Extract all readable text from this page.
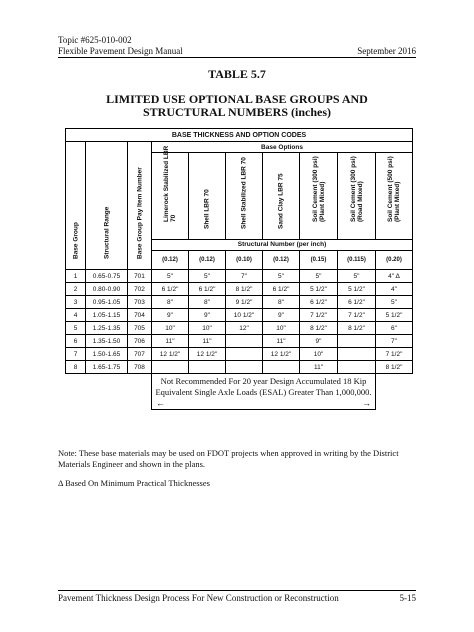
Topic #625-010-002
Flexible Pavement Design Manual	September 2016
TABLE 5.7
LIMITED USE OPTIONAL BASE GROUPS AND
STRUCTURAL NUMBERS (inches)
BASE THICKNESS AND OPTION CODES									

Base Group	Structural Range	Base Group Pay Item Number	Base Options						

			Limerock Stabilized LBR 70	Shell LBR 70	Shell Stabilized LBR 70	Sand Clay LBR 75	Soil Cement (300 psi)(Plant Mixed)	Soil Cement (300 psi)(Road Mixed)	Soil Cement (500 psi)(Plant Mixed)

			Structural Number (per inch)						
			(0.12)	(0.12)	(0.10)	(0.12)	(0.15)	(0.115)	(0.20)
1	0.65-0.75	701	5"	5"	7"	5"	5"	5"	4" Δ
2	0.80-0.90	702	6 1/2"	6 1/2"	8 1/2"	6 1/2"	5 1/2"	5 1/2"	4"
3	0.95-1.05	703	8"	8"	9 1/2"	8"	6 1/2"	6 1/2"	5"
4	1.05-1.15	704	9"	9"	10 1/2"	9"	7 1/2"	7 1/2"	5 1/2"
5	1.25-1.35	705	10"	10"	12"	10"	8 1/2"	8 1/2"	6"
6	1.35-1.50	706	11"	11"		11"	9"		7"
7	1.50-1.65	707	12 1/2"	12 1/2"		12 1/2"	10"		7 1/2"
8	1.65-1.75	708					11"		8 1/2"

			Not Recommended For 20 year Design Accumulated 18 Kip Equivalent Single Axle Loads (ESAL) Greater Than 1,000,000.
← →						

Note: These base materials may be used on FDOT projects when approved in writing by the District Materials Engineer and shown in the plans.
Δ Based On Minimum Practical Thicknesses
Pavement Thickness Design Process For New Construction or Reconstruction	5-15
